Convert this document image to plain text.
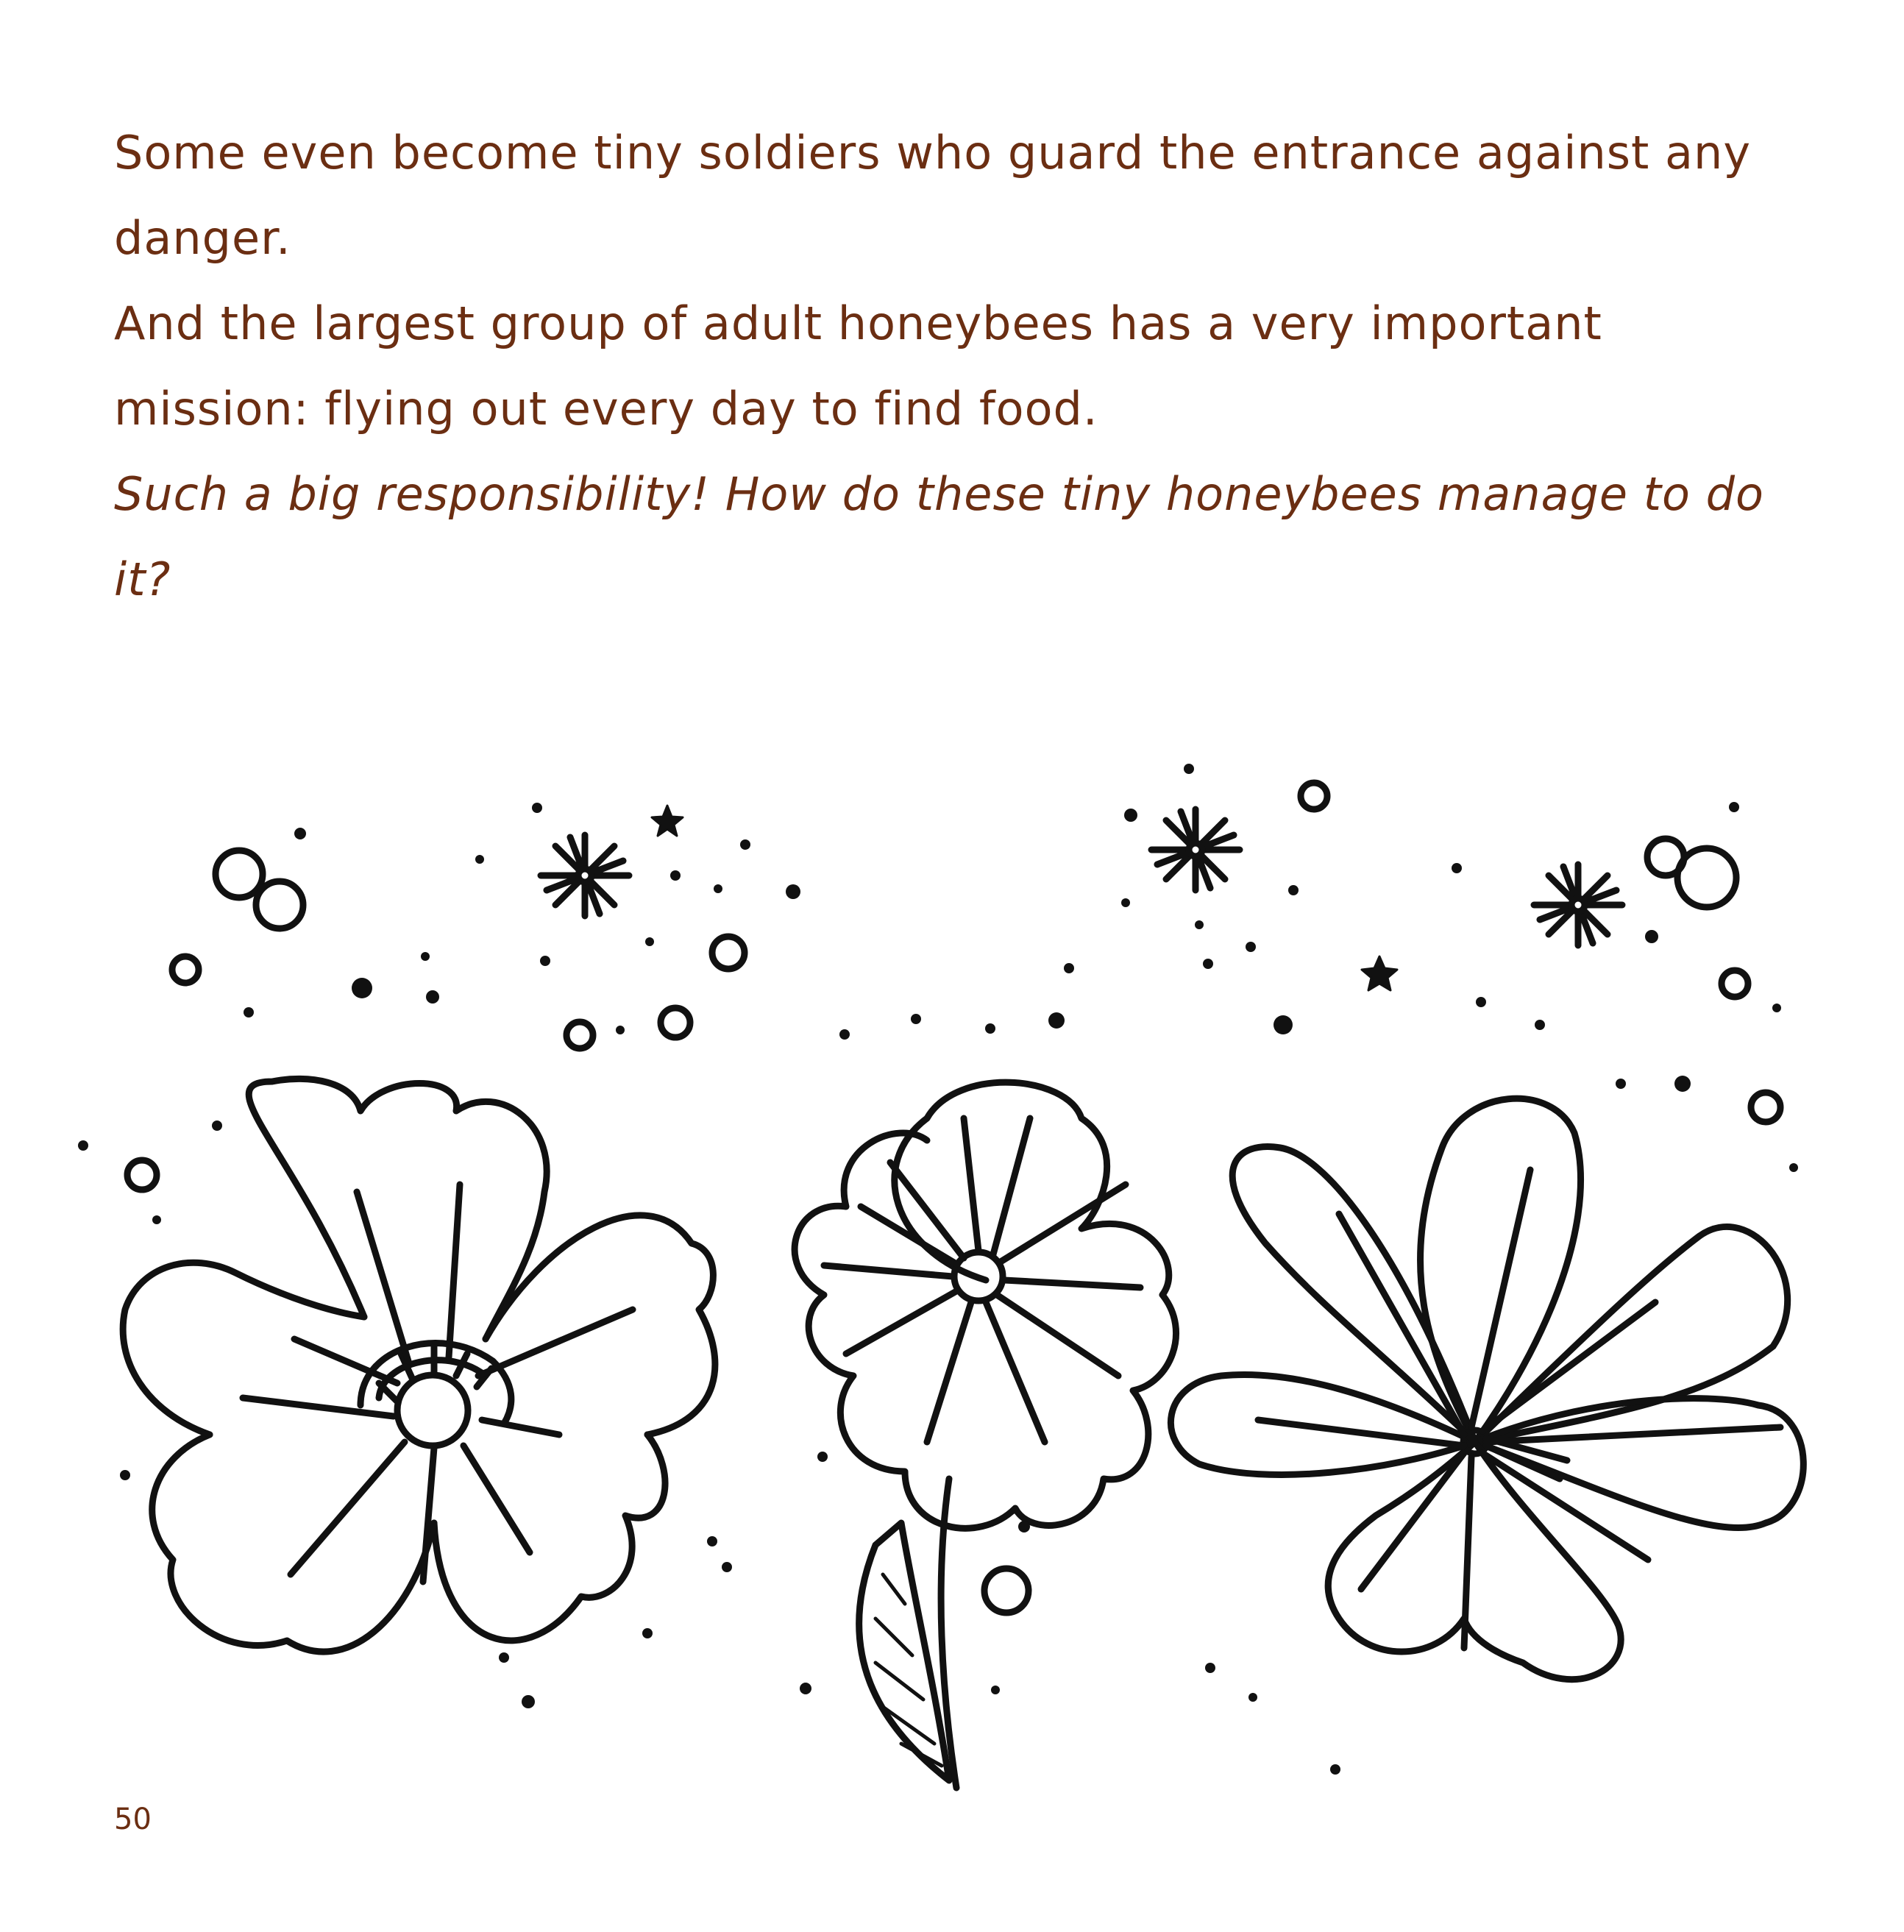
Some even become tiny soldiers who guard the entrance against any danger.

And the largest group of adult honeybees has a very important mission: flying out every day to find food.

Such a big responsibility! How do these tiny honeybees manage to do it?

50
